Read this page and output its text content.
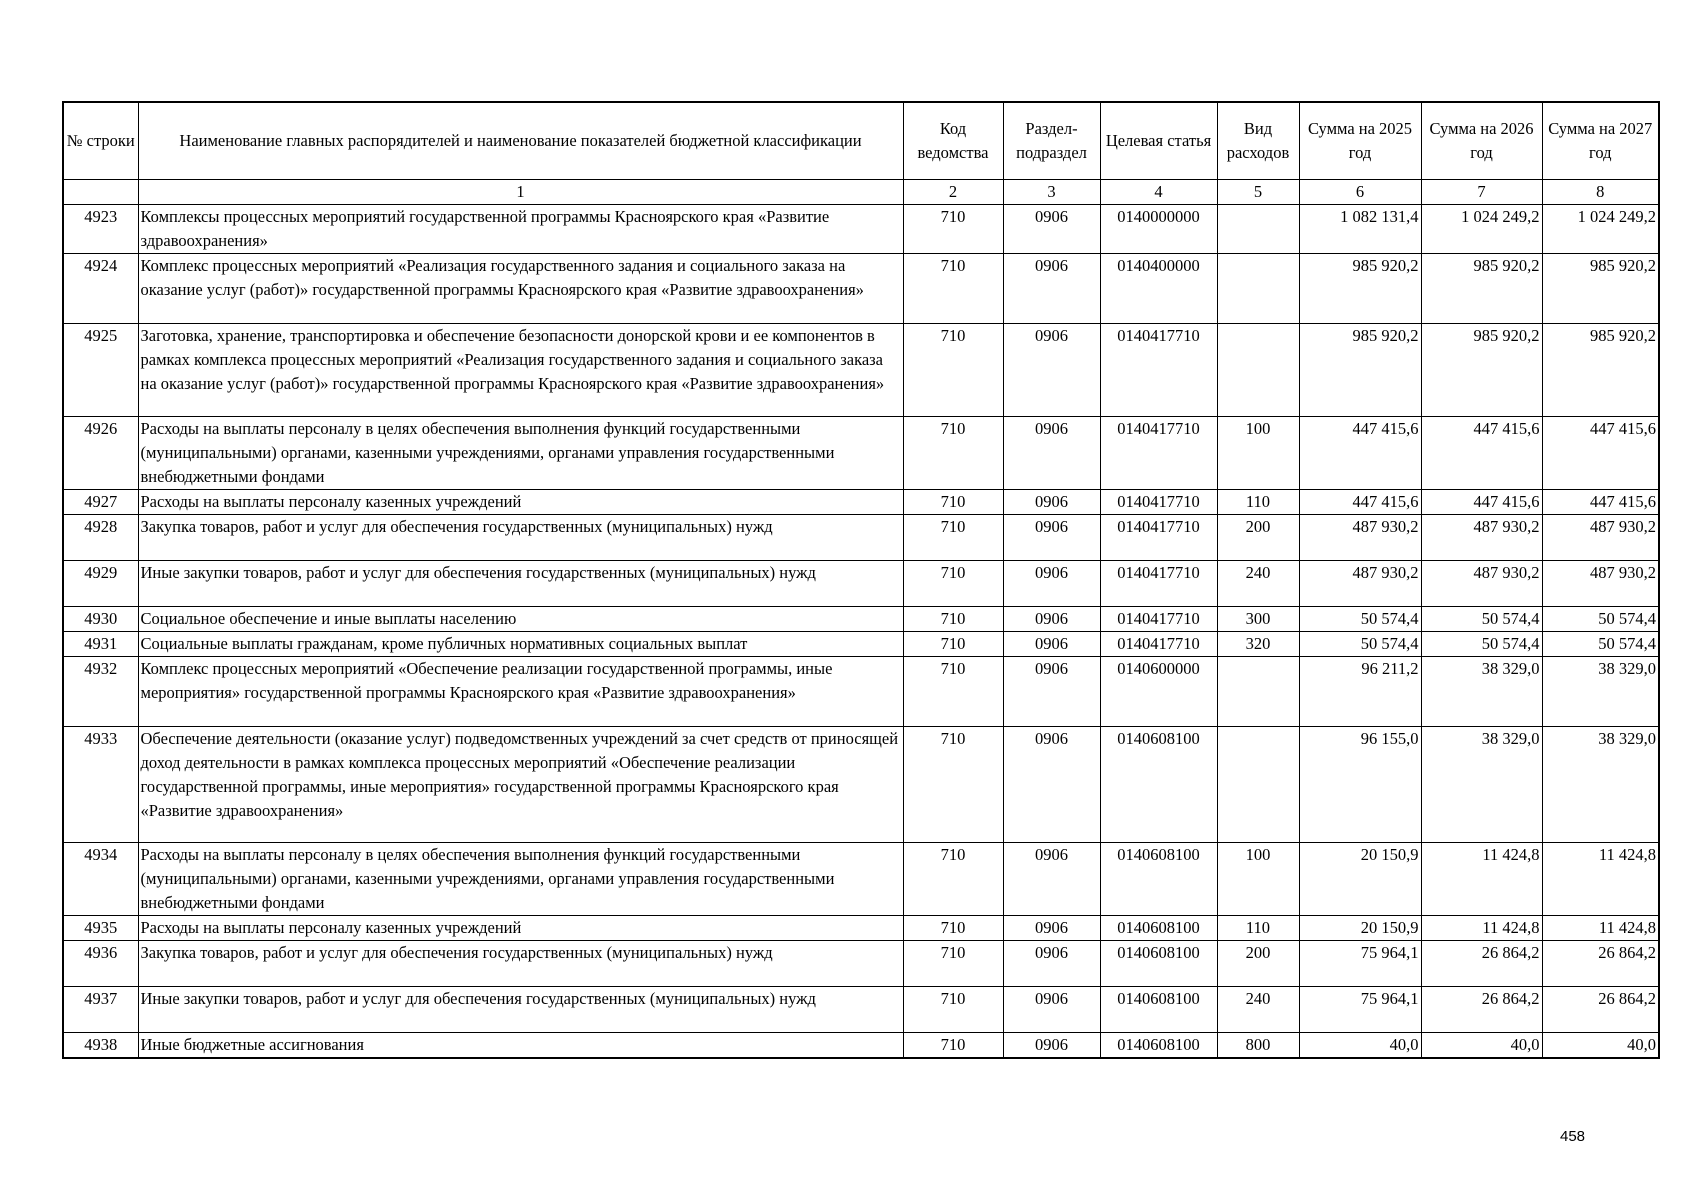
№ строки	Наименование главных распорядителей и наименование показателей бюджетной классификации	Код ведомства	Раздел-подраздел	Целевая статья	Вид расходов	Сумма на 2025 год	Сумма на 2026 год	Сумма на 2027 год
	1	2	3	4	5	6	7	8
4923	Комплексы процессных мероприятий государственной программы Красноярского края «Развитие здравоохранения»	710	0906	0140000000		1 082 131,4	1 024 249,2	1 024 249,2
4924	Комплекс процессных мероприятий «Реализация государственного задания и социального заказа на оказание услуг (работ)» государственной программы Красноярского края «Развитие здравоохранения»	710	0906	0140400000		985 920,2	985 920,2	985 920,2
4925	Заготовка, хранение, транспортировка и обеспечение безопасности донорской крови и ее компонентов в рамках комплекса процессных мероприятий «Реализация государственного задания и социального заказа на оказание услуг (работ)» государственной программы Красноярского края «Развитие здравоохранения»	710	0906	0140417710		985 920,2	985 920,2	985 920,2
4926	Расходы на выплаты персоналу в целях обеспечения выполнения функций государственными (муниципальными) органами, казенными учреждениями, органами управления государственными внебюджетными фондами	710	0906	0140417710	100	447 415,6	447 415,6	447 415,6
4927	Расходы на выплаты персоналу казенных учреждений	710	0906	0140417710	110	447 415,6	447 415,6	447 415,6
4928	Закупка товаров, работ и услуг для обеспечения государственных (муниципальных) нужд	710	0906	0140417710	200	487 930,2	487 930,2	487 930,2
4929	Иные закупки товаров, работ и услуг для обеспечения государственных (муниципальных) нужд	710	0906	0140417710	240	487 930,2	487 930,2	487 930,2
4930	Социальное обеспечение и иные выплаты населению	710	0906	0140417710	300	50 574,4	50 574,4	50 574,4
4931	Социальные выплаты гражданам, кроме публичных нормативных социальных выплат	710	0906	0140417710	320	50 574,4	50 574,4	50 574,4
4932	Комплекс процессных мероприятий «Обеспечение реализации государственной программы, иные мероприятия» государственной программы Красноярского края «Развитие здравоохранения»	710	0906	0140600000		96 211,2	38 329,0	38 329,0
4933	Обеспечение деятельности (оказание услуг) подведомственных учреждений за счет средств от приносящей доход деятельности в рамках комплекса процессных мероприятий «Обеспечение реализации государственной программы, иные мероприятия» государственной программы Красноярского края «Развитие здравоохранения»	710	0906	0140608100		96 155,0	38 329,0	38 329,0
4934	Расходы на выплаты персоналу в целях обеспечения выполнения функций государственными (муниципальными) органами, казенными учреждениями, органами управления государственными внебюджетными фондами	710	0906	0140608100	100	20 150,9	11 424,8	11 424,8
4935	Расходы на выплаты персоналу казенных учреждений	710	0906	0140608100	110	20 150,9	11 424,8	11 424,8
4936	Закупка товаров, работ и услуг для обеспечения государственных (муниципальных) нужд	710	0906	0140608100	200	75 964,1	26 864,2	26 864,2
4937	Иные закупки товаров, работ и услуг для обеспечения государственных (муниципальных) нужд	710	0906	0140608100	240	75 964,1	26 864,2	26 864,2
4938	Иные бюджетные ассигнования	710	0906	0140608100	800	40,0	40,0	40,0
458
